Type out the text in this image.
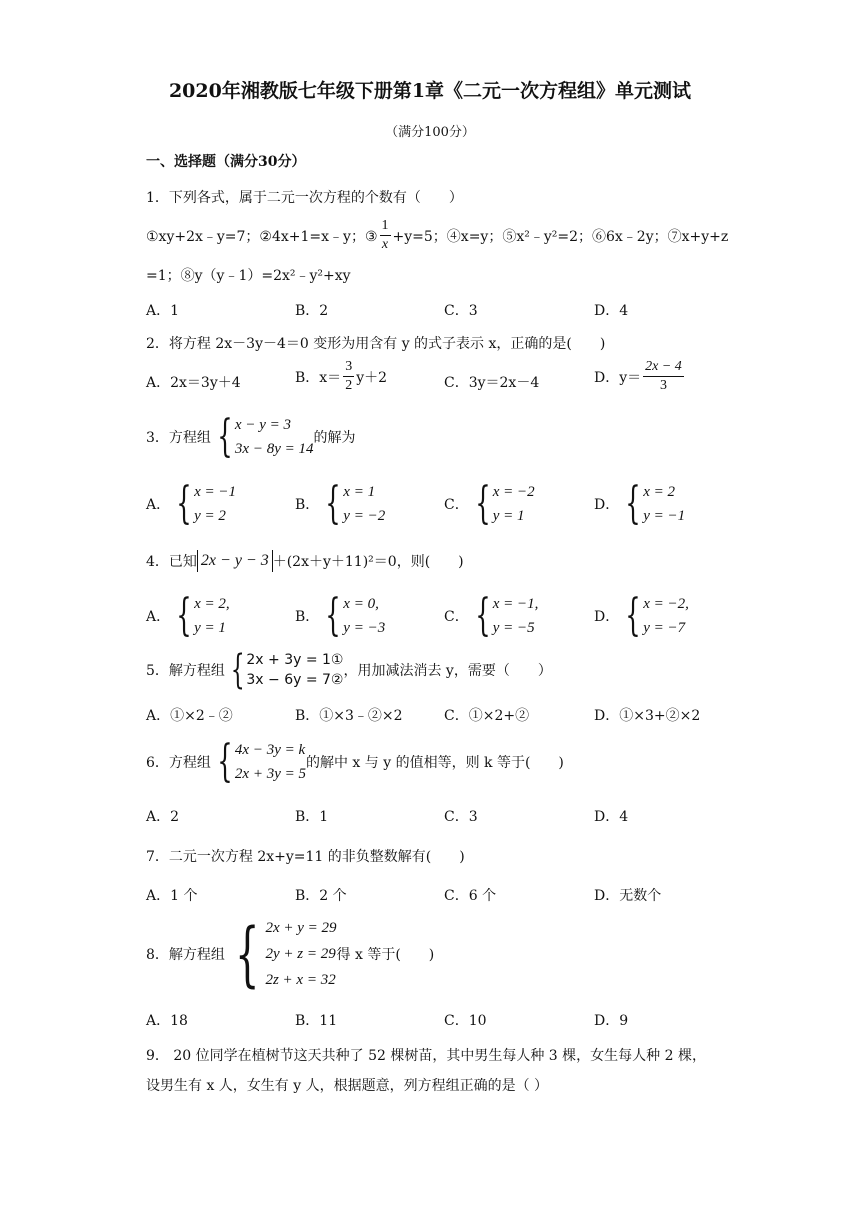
2020年湘教版七年级下册第1章《二元一次方程组》单元测试
（满分100分）
一、选择题（满分30分）
1．下列各式，属于二元一次方程的个数有（　　）
①xy+2x﹣y=7；②4x+1=x﹣y；③ $\frac{1}{x} +y=5$；④x=y；⑤x²﹣y²=2；⑥6x﹣2y；⑦x+y+z
=1；⑧y（y﹣1）=2x²﹣y²+xy
A．1	B．2	C．3	D．4
2．将方程 2x－3y－4＝0 变形为用含有 y 的式子表示 x，正确的是(　　)
A．2x＝3y＋4	B．$x= \frac{3}{2} y+2$	C．3y＝2x－4	D．$y= \frac{2x - 4}{3}$
3．方程组 { x − y = 3
3x − 8y = 14
的解为
A． { x = −1
y = 2
B． { x = 1
y = −2
C． { x = −2
y = 1
D． { x = 2
y = −1
4．已知 2x − y − 3 ＋(2x＋y＋11)²＝0，则(　　)
A． { x = 2,
y = 1
B． { x = 0,
y = −3
C． { x = −1,
y = −5
D． { x = −2,
y = −7
5．解方程组 { 2x + 3y = 1①
3x − 6y = 7②
，用加减法消去 y，需要（　　）
A．①×2﹣②	B．①×3﹣②×2	C．①×2+②	D．①×3+②×2
6．方程组 { 4x − 3y = k
2x + 3y = 5
的解中 x 与 y 的值相等，则 k 等于(　　)
A．2	B．1	C．3	D．4
7．二元一次方程 2x+y=11 的非负整数解有(　　)
A．1 个	B．2 个	C．6 个	D．无数个
8．解方程组 { 2x + y = 29
2y + z = 29
2z + x = 32
得 x 等于(　　)
A．18	B．11	C．10	D．9
9． 20 位同学在植树节这天共种了 52 棵树苗，其中男生每人种 3 棵，女生每人种 2 棵，
设男生有 x 人，女生有 y 人，根据题意，列方程组正确的是（ ）
